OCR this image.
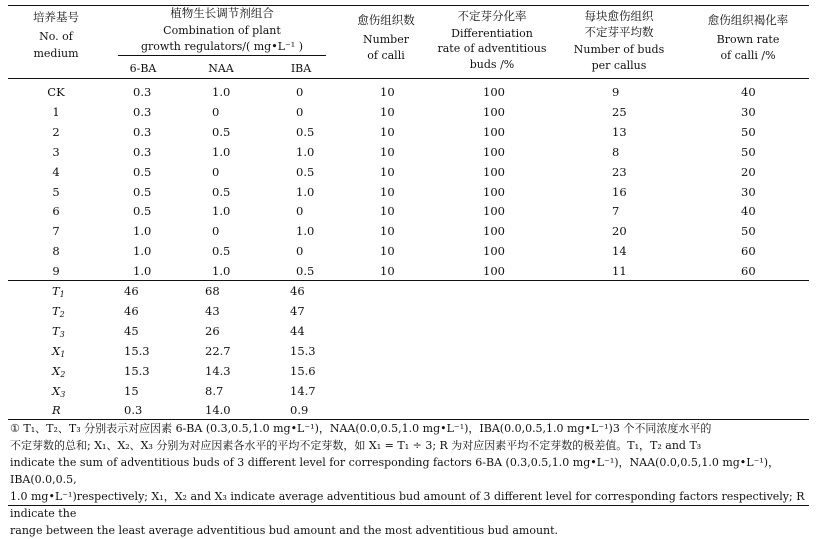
培养基号
No. of
medium
植物生长调节剂组合
Combination of plant
growth regulators/( mg•L⁻¹ )
6-BA	NAA	IBA
愈伤组织数
Number
of calli
不定芽分化率
Differentiation
rate of adventitious
buds /%
每块愈伤组织
不定芽平均数
Number of buds
per callus
愈伤组织褐化率
Brown rate
of calli /%
CK	0.3	1.0	0	10	100	9	40
1	0.3	0	0	10	100	25	30
2	0.3	0.5	0.5	10	100	13	50
3	0.3	1.0	1.0	10	100	8	50
4	0.5	0	0.5	10	100	23	20
5	0.5	0.5	1.0	10	100	16	30
6	0.5	1.0	0	10	100	7	40
7	1.0	0	1.0	10	100	20	50
8	1.0	0.5	0	10	100	14	60
9	1.0	1.0	0.5	10	100	11	60
$T_1$	46	68	46
$T_2$	46	43	47
$T_3$	45	26	44
$X_1$	15.3	22.7	15.3
$X_2$	15.3	14.3	15.6
$X_3$	15	8.7	14.7
R	0.3	14.0	0.9
① T₁、T₂、T₃ 分别表示对应因素 6-BA (0.3,0.5,1.0 mg•L⁻¹)，NAA(0.0,0.5,1.0 mg•L⁻¹)，IBA(0.0,0.5,1.0 mg•L⁻¹)3 个不同浓度水平的
不定芽数的总和; X₁、X₂、X₃ 分别为对应因素各水平的平均不定芽数，如 X₁ = T₁ ÷ 3; R 为对应因素平均不定芽数的极差值。T₁，T₂ and T₃
indicate the sum of adventitious buds of 3 different level for corresponding factors 6-BA (0.3,0.5,1.0 mg•L⁻¹)，NAA(0.0,0.5,1.0 mg•L⁻¹)，IBA(0.0,0.5,
1.0 mg•L⁻¹)respectively; X₁，X₂ and X₃ indicate average adventitious bud amount of 3 different level for corresponding factors respectively; R indicate the
range between the least average adventitious bud amount and the most adventitious bud amount.
